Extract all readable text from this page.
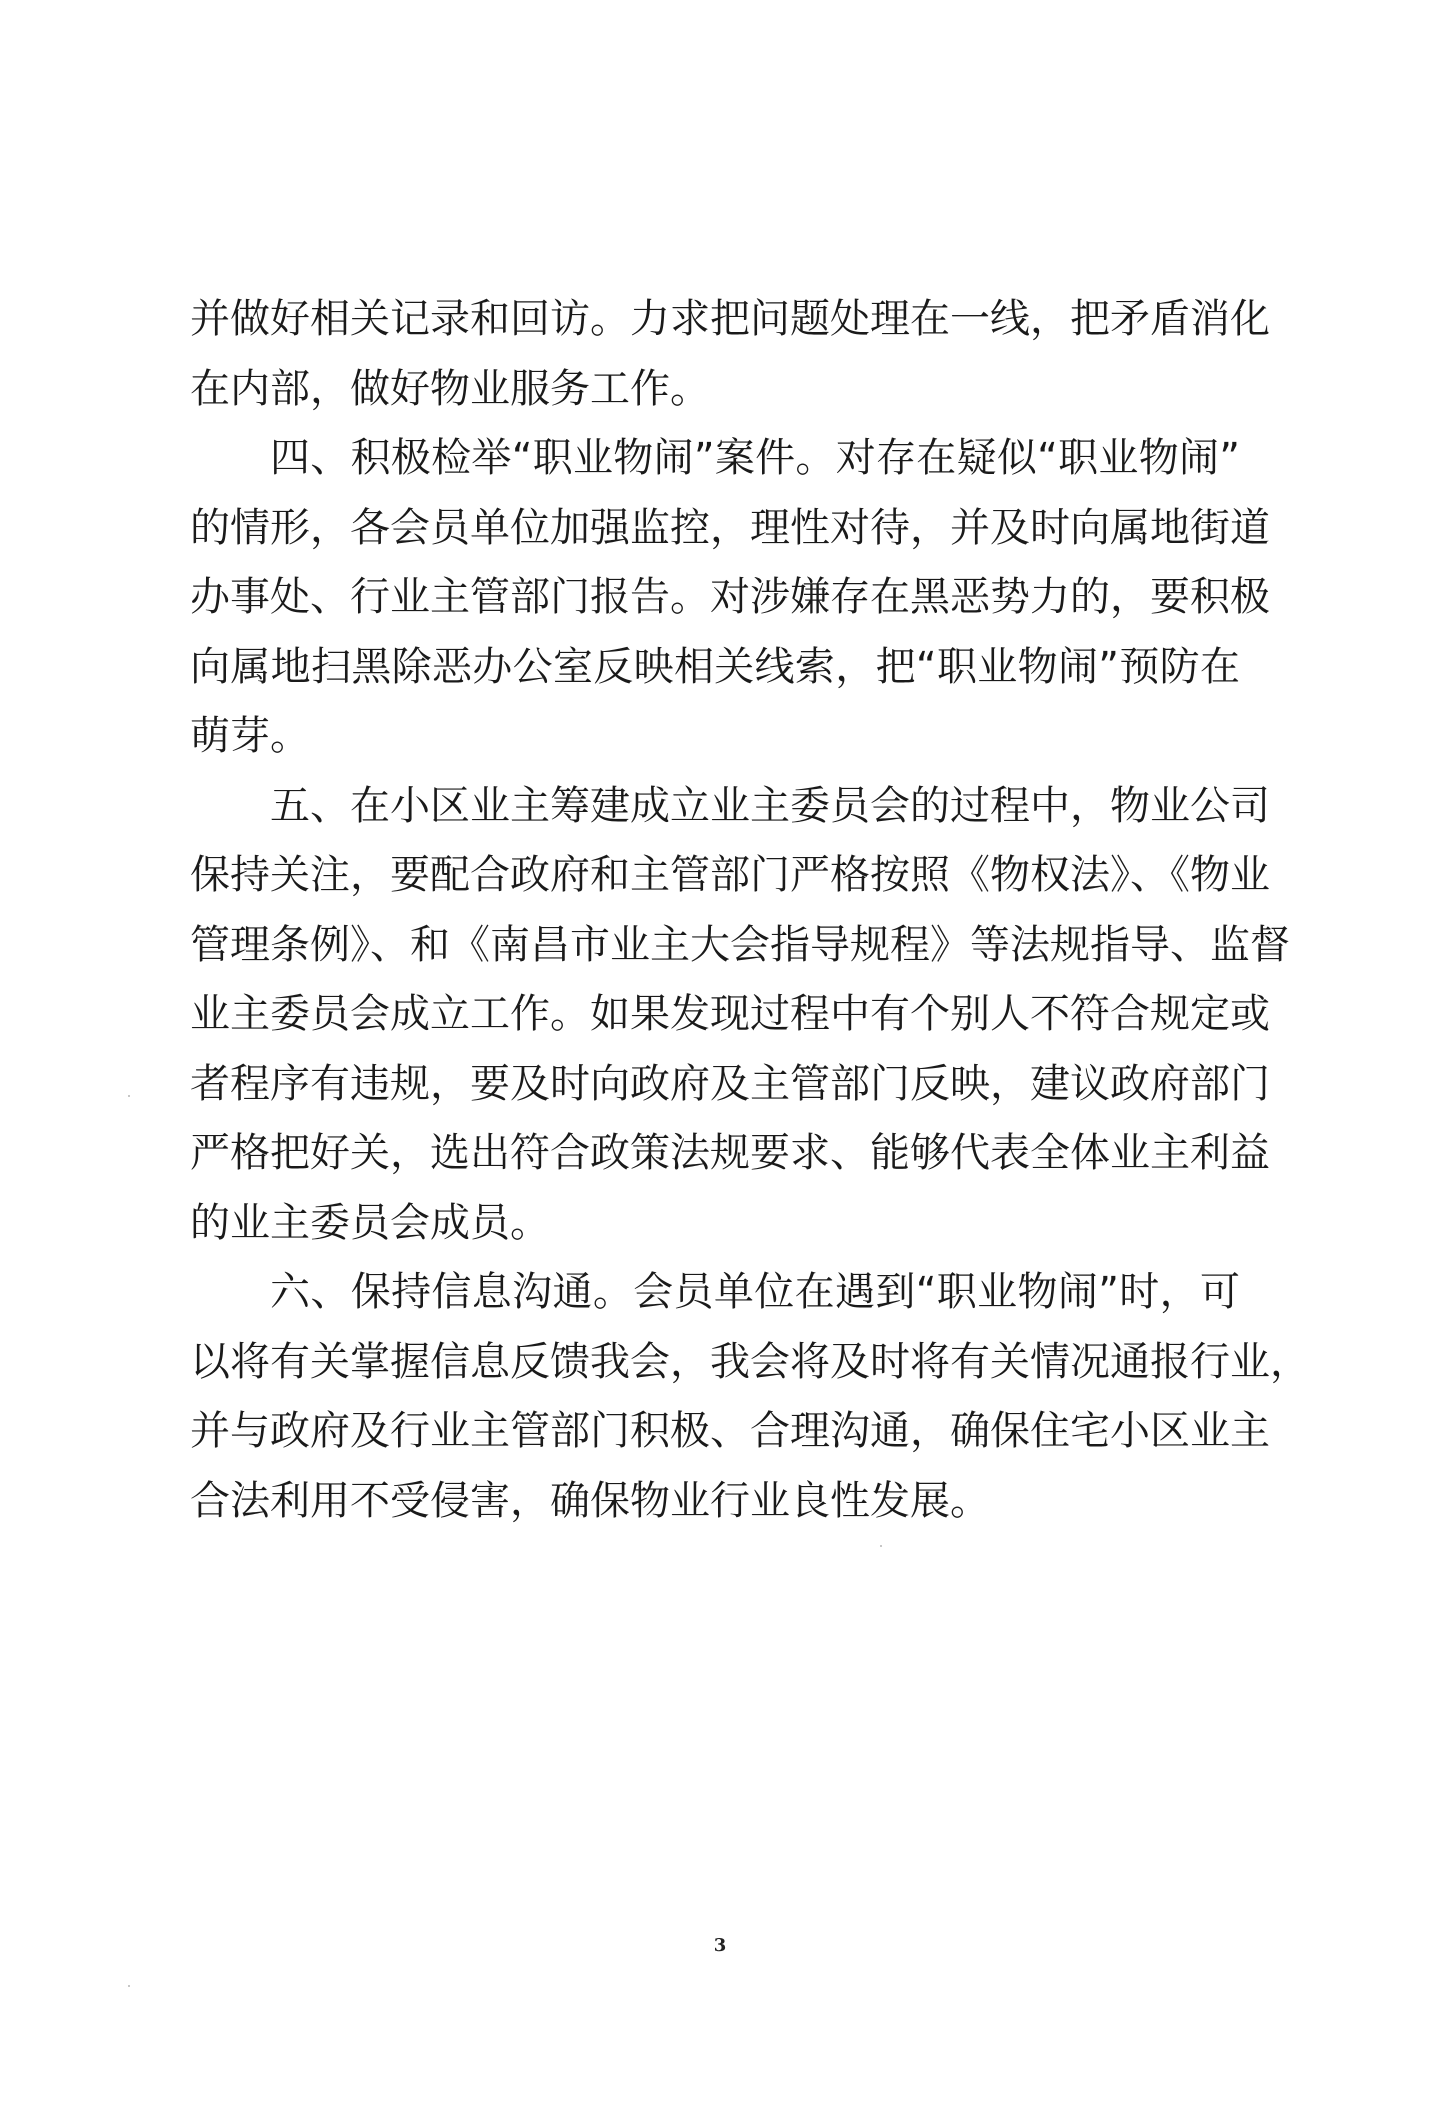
并做好相关记录和回访。力求把问题处理在一线，把矛盾消化
在内部，做好物业服务工作。
四、积极检举“职业物闹”案件。对存在疑似“职业物闹”
的情形，各会员单位加强监控，理性对待，并及时向属地街道
办事处、行业主管部门报告。对涉嫌存在黑恶势力的，要积极
向属地扫黑除恶办公室反映相关线索，把“职业物闹”预防在
萌芽。
五、在小区业主筹建成立业主委员会的过程中，物业公司
保持关注，要配合政府和主管部门严格按照《物权法》、《物业
管理条例》、和《南昌市业主大会指导规程》等法规指导、监督
业主委员会成立工作。如果发现过程中有个别人不符合规定或
者程序有违规，要及时向政府及主管部门反映，建议政府部门
严格把好关，选出符合政策法规要求、能够代表全体业主利益
的业主委员会成员。
六、保持信息沟通。会员单位在遇到“职业物闹”时，可
以将有关掌握信息反馈我会，我会将及时将有关情况通报行业，
并与政府及行业主管部门积极、合理沟通，确保住宅小区业主
合法利用不受侵害，确保物业行业良性发展。
3
